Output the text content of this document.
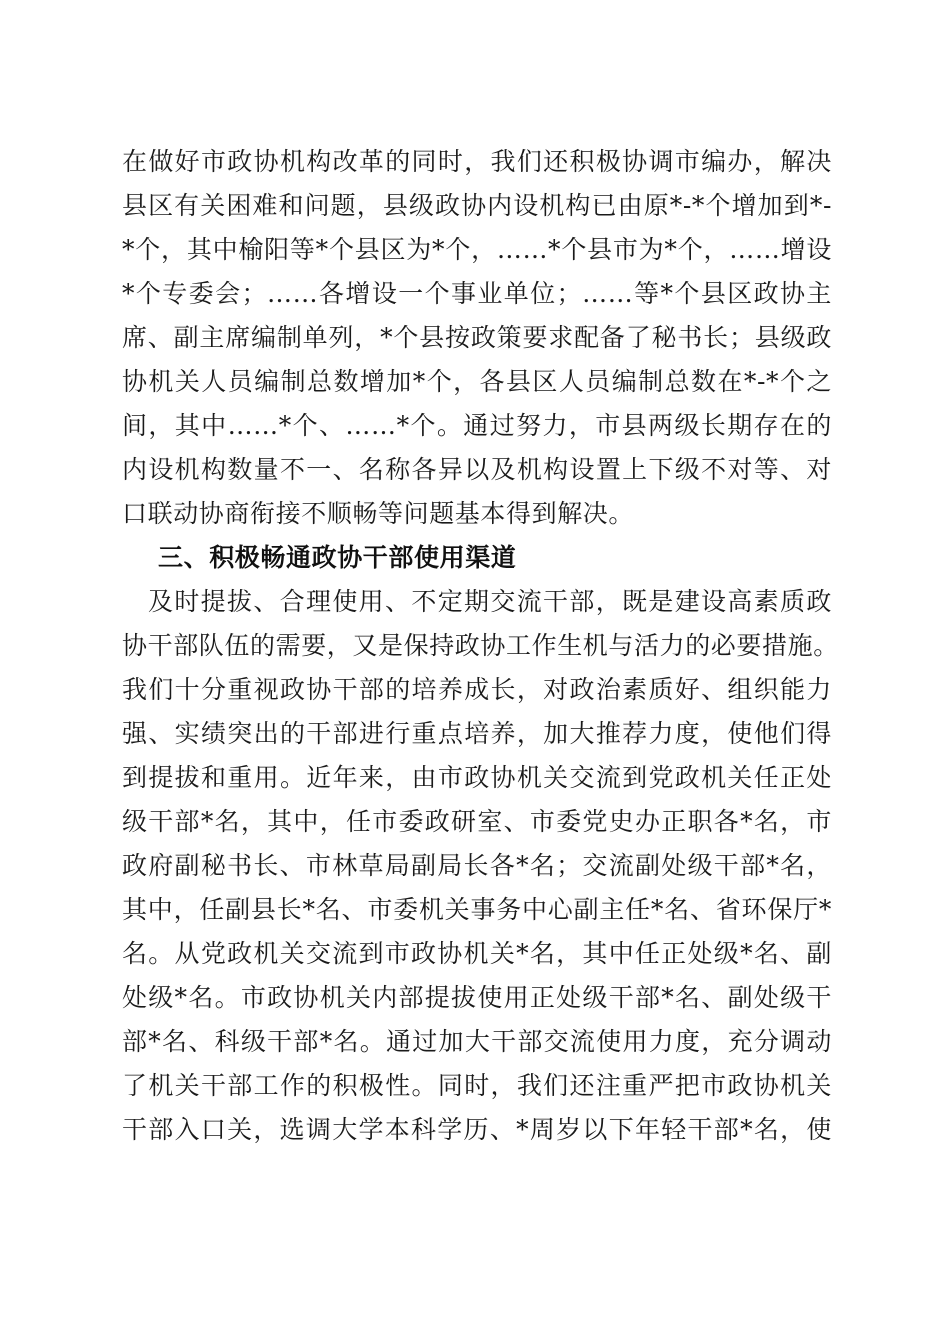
在做好市政协机构改革的同时，我们还积极协调市编办，解决
县区有关困难和问题，县级政协内设机构已由原*-*个增加到*-
*个，其中榆阳等*个县区为*个，……*个县市为*个，……增设
*个专委会；……各增设一个事业单位；……等*个县区政协主
席、副主席编制单列，*个县按政策要求配备了秘书长；县级政
协机关人员编制总数增加*个，各县区人员编制总数在*-*个之
间，其中……*个、……*个。通过努力，市县两级长期存在的
内设机构数量不一、名称各异以及机构设置上下级不对等、对
口联动协商衔接不顺畅等问题基本得到解决。
三、积极畅通政协干部使用渠道
及时提拔、合理使用、不定期交流干部，既是建设高素质政
协干部队伍的需要，又是保持政协工作生机与活力的必要措施。
我们十分重视政协干部的培养成长，对政治素质好、组织能力
强、实绩突出的干部进行重点培养，加大推荐力度，使他们得
到提拔和重用。近年来，由市政协机关交流到党政机关任正处
级干部*名，其中，任市委政研室、市委党史办正职各*名，市
政府副秘书长、市林草局副局长各*名；交流副处级干部*名，
其中，任副县长*名、市委机关事务中心副主任*名、省环保厅*
名。从党政机关交流到市政协机关*名，其中任正处级*名、副
处级*名。市政协机关内部提拔使用正处级干部*名、副处级干
部*名、科级干部*名。通过加大干部交流使用力度，充分调动
了机关干部工作的积极性。同时，我们还注重严把市政协机关
干部入口关，选调大学本科学历、*周岁以下年轻干部*名，使
